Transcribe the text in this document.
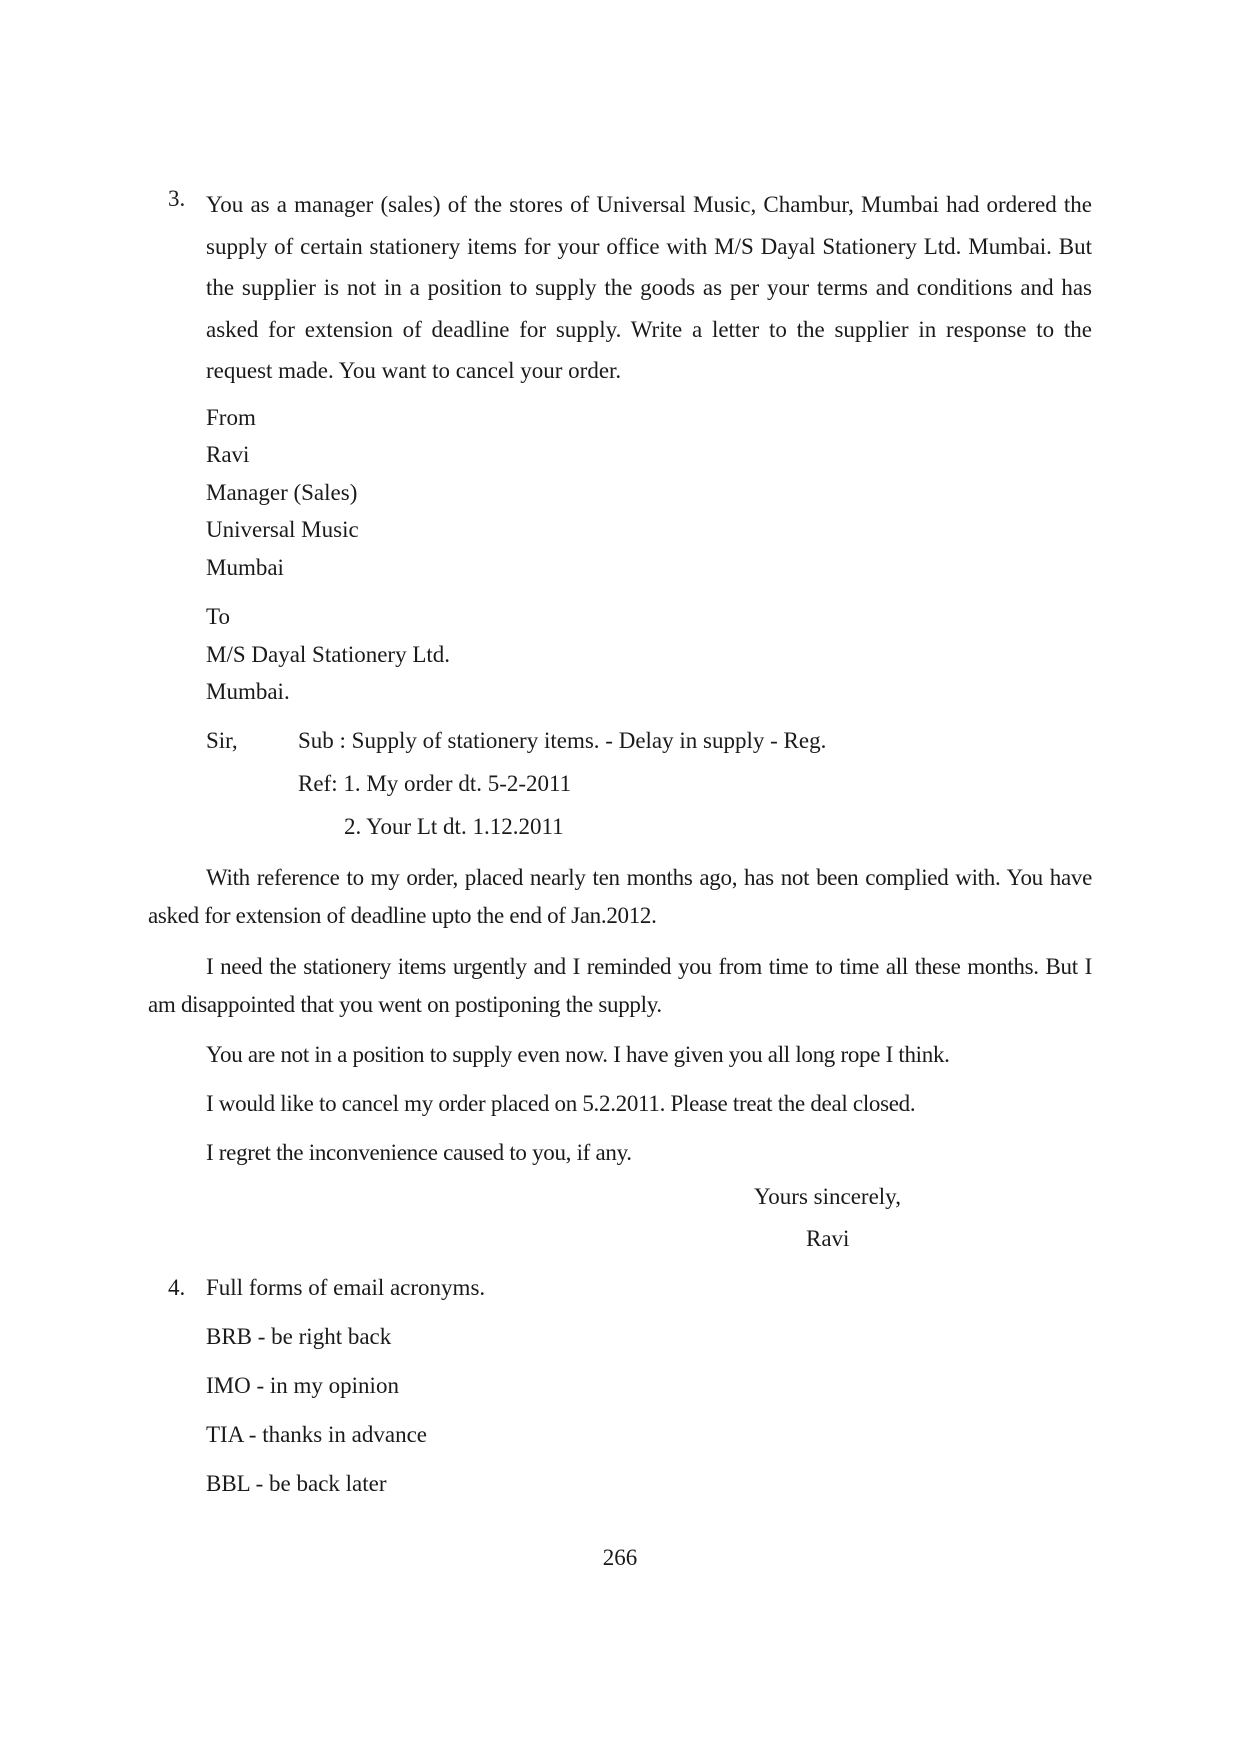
3. You as a manager (sales) of the stores of Universal Music, Chambur, Mumbai had ordered the supply of certain stationery items for your office with M/S Dayal Stationery Ltd. Mumbai. But the supplier is not in a position to supply the goods as per your terms and conditions and has asked for extension of deadline for supply. Write a letter to the supplier in response to the request made. You want to cancel your order.

From
Ravi
Manager (Sales)
Universal Music
Mumbai
To
M/S Dayal Stationery Ltd.
Mumbai.
Sir,	Sub : Supply of stationery items. - Delay in supply - Reg.
Ref: 1. My order dt. 5-2-2011
2. Your Lt dt. 1.12.2011

With reference to my order, placed nearly ten months ago, has not been complied with. You have asked for extension of deadline upto the end of Jan.2012.

I need the stationery items urgently and I reminded you from time to time all these months. But I am disappointed that you went on postiponing the supply.

You are not in a position to supply even now. I have given you all long rope I think.

I would like to cancel my order placed on 5.2.2011. Please treat the deal closed.

I regret the inconvenience caused to you, if any.

Yours sincerely,
Ravi
4. Full forms of email acronyms.
BRB - be right back
IMO - in my opinion
TIA - thanks in advance
BBL - be back later
266
